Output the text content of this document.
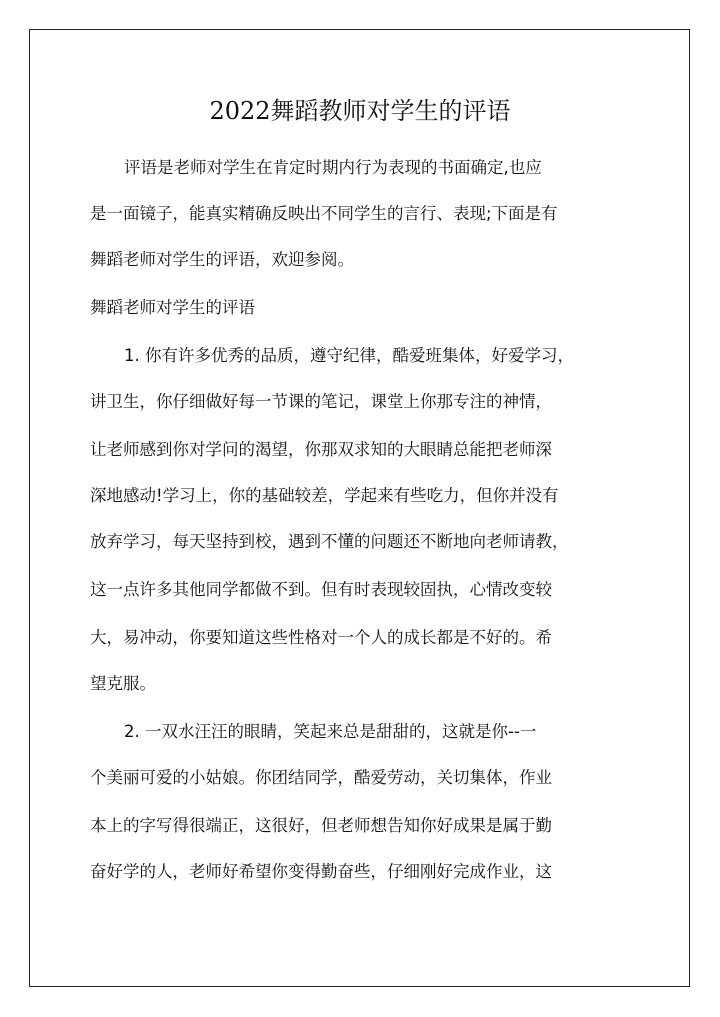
2022舞蹈教师对学生的评语
评语是老师对学生在肯定时期内行为表现的书面确定,也应
是一面镜子，能真实精确反映出不同学生的言行、表现;下面是有
舞蹈老师对学生的评语，欢迎参阅。
舞蹈老师对学生的评语
1. 你有许多优秀的品质，遵守纪律，酷爱班集体，好爱学习，
讲卫生，你仔细做好每一节课的笔记，课堂上你那专注的神情，
让老师感到你对学问的渴望，你那双求知的大眼睛总能把老师深
深地感动!学习上，你的基础较差，学起来有些吃力，但你并没有
放弃学习，每天坚持到校，遇到不懂的问题还不断地向老师请教，
这一点许多其他同学都做不到。但有时表现较固执，心情改变较
大，易冲动，你要知道这些性格对一个人的成长都是不好的。希
望克服。
2. 一双水汪汪的眼睛，笑起来总是甜甜的，这就是你--一
个美丽可爱的小姑娘。你团结同学，酷爱劳动，关切集体，作业
本上的字写得很端正，这很好，但老师想告知你好成果是属于勤
奋好学的人，老师好希望你变得勤奋些，仔细刚好完成作业，这
